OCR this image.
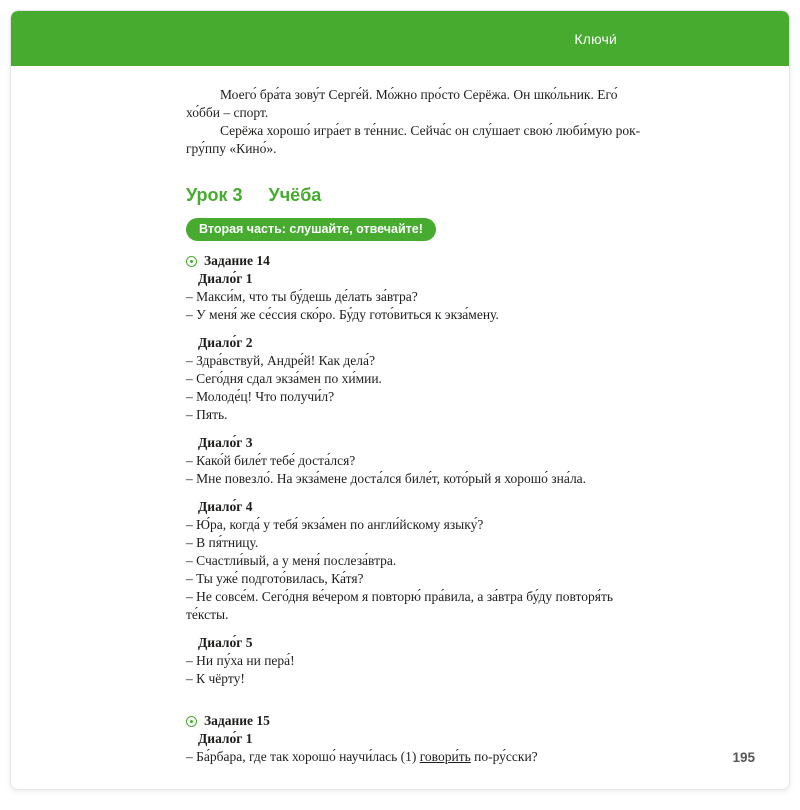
Ключи́

Моего́ бра́та зову́т Серге́й. Мо́жно про́сто Серёжа. Он шко́льник. Его́ хо́бби – спорт.

Серёжа хорошо́ игра́ет в те́ннис. Сейча́с он слу́шает свою́ люби́мую рок-гру́ппу «Кино́».

Урок 3 Учёба
Вторая часть: слушайте, отвечайте!
Задание 14
Диало́г 1
– Макси́м, что ты бу́дешь де́лать за́втра?
– У меня́ же се́ссия ско́ро. Бу́ду гото́виться к экза́мену.
Диало́г 2
– Здра́вствуй, Андре́й! Как дела́?
– Сего́дня сдал экза́мен по хи́мии.
– Молоде́ц! Что получи́л?
– Пять.
Диало́г 3
– Како́й биле́т тебе́ доста́лся?
– Мне повезло́. На экза́мене доста́лся биле́т, кото́рый я хорошо́ зна́ла.
Диало́г 4
– Ю́ра, когда́ у тебя́ экза́мен по англи́йскому языку́?
– В пя́тницу.
– Счастли́вый, а у меня́ послеза́втра.
– Ты уже́ подгото́вилась, Ка́тя?
– Не совсе́м. Сего́дня ве́чером я повторю́ пра́вила, а за́втра бу́ду повторя́ть те́ксты.
Диало́г 5
– Ни пу́ха ни пера́!
– К чёрту!
Задание 15
Диало́г 1
– Ба́рбара, где так хорошо́ научи́лась (1) говори́ть по-ру́сски?	195
